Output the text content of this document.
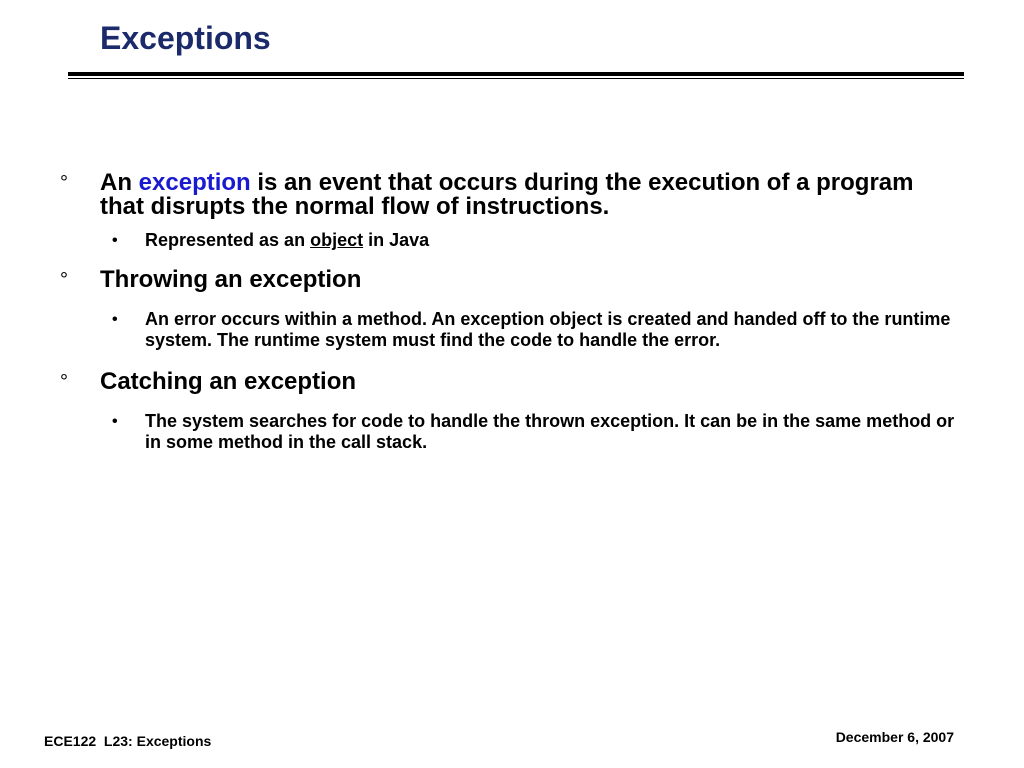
Exceptions
° An exception is an event that occurs during the execution of a program that disrupts the normal flow of instructions.
• Represented as an object in Java
° Throwing an exception
• An error occurs within a method. An exception object is created and handed off to the runtime system. The runtime system must find the code to handle the error.
° Catching an exception
• The system searches for code to handle the thrown exception. It can be in the same method or in some method in the call stack.
ECE122  L23: Exceptions	December 6, 2007
